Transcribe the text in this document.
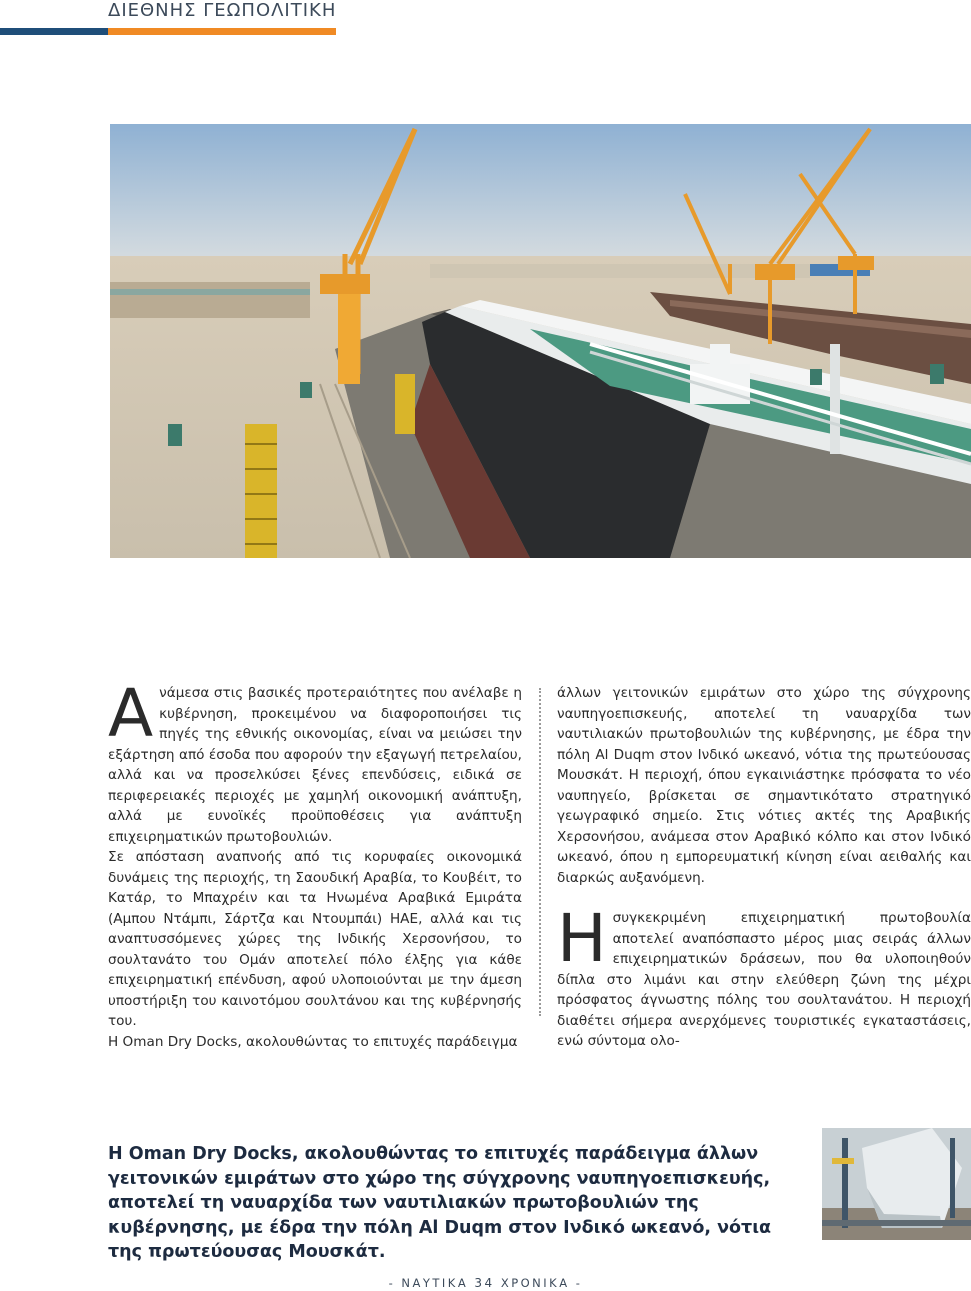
ΔΙΕΘΝΗΣ ΓΕΩΠΟΛΙΤΙΚΗ

Ανάμεσα στις βασικές προτεραιότητες που ανέλαβε η κυβέρνηση, προκειμένου να διαφοροποιήσει τις πηγές της εθνικής οικονομίας, είναι να μειώσει την εξάρτηση από έσοδα που αφορούν την εξαγωγή πετρελαίου, αλλά και να προσελκύσει ξένες επενδύσεις, ειδικά σε περιφερειακές περιοχές με χαμηλή οικονομική ανάπτυξη, αλλά με ευνοϊκές προϋποθέσεις για ανάπτυξη επιχειρηματικών πρωτοβουλιών.

Σε απόσταση αναπνοής από τις κορυφαίες οικονομικά δυνάμεις της περιοχής, τη Σαουδική Αραβία, το Κουβέιτ, το Κατάρ, το Μπαχρέιν και τα Ηνωμένα Αραβικά Εμιράτα (Αμπου Ντάμπι, Σάρτζα και Ντουμπάι) ΗΑΕ, αλλά και τις αναπτυσσόμενες χώρες της Ινδικής Χερσονήσου, το σουλτανάτο του Ομάν αποτελεί πόλο έλξης για κάθε επιχειρηματική επένδυση, αφού υλοποιούνται με την άμεση υποστήριξη του καινοτόμου σουλτάνου και της κυβέρνησής του.

Η Oman Dry Docks, ακολουθώντας το επιτυχές παράδειγμα

άλλων γειτονικών εμιράτων στο χώρο της σύγχρονης ναυπηγοεπισκευής, αποτελεί τη ναυαρχίδα των ναυτιλιακών πρωτοβουλιών της κυβέρνησης, με έδρα την πόλη Al Duqm στον Ινδικό ωκεανό, νότια της πρωτεύουσας Μουσκάτ. Η περιοχή, όπου εγκαινιάστηκε πρόσφατα το νέο ναυπηγείο, βρίσκεται σε σημαντικότατο στρατηγικό γεωγραφικό σημείο. Στις νότιες ακτές της Αραβικής Χερσονήσου, ανάμεσα στον Αραβικό κόλπο και στον Ινδικό ωκεανό, όπου η εμπορευματική κίνηση είναι αειθαλής και διαρκώς αυξανόμενη.

Ησυγκεκριμένη επιχειρηματική πρωτοβουλία αποτελεί αναπόσπαστο μέρος μιας σειράς άλλων επιχειρηματικών δράσεων, που θα υλοποιηθούν δίπλα στο λιμάνι και στην ελεύθερη ζώνη της μέχρι πρόσφατος άγνωστης πόλης του σουλτανάτου. Η περιοχή διαθέτει σήμερα ανερχόμενες τουριστικές εγκαταστάσεις, ενώ σύντομα ολο-

Η Oman Dry Docks, ακολουθώντας το επιτυχές παράδειγμα άλλων γειτονικών εμιράτων στο χώρο της σύγχρονης ναυπηγοεπισκευής, αποτελεί τη ναυαρχίδα των ναυτιλιακών πρωτοβουλιών της κυβέρνησης, με έδρα την πόλη Al Duqm στον Ινδικό ωκεανό, νότια της πρωτεύουσας Μουσκάτ.
- ΝΑΥΤΙΚΑ 34 ΧΡΟΝΙΚΑ -
